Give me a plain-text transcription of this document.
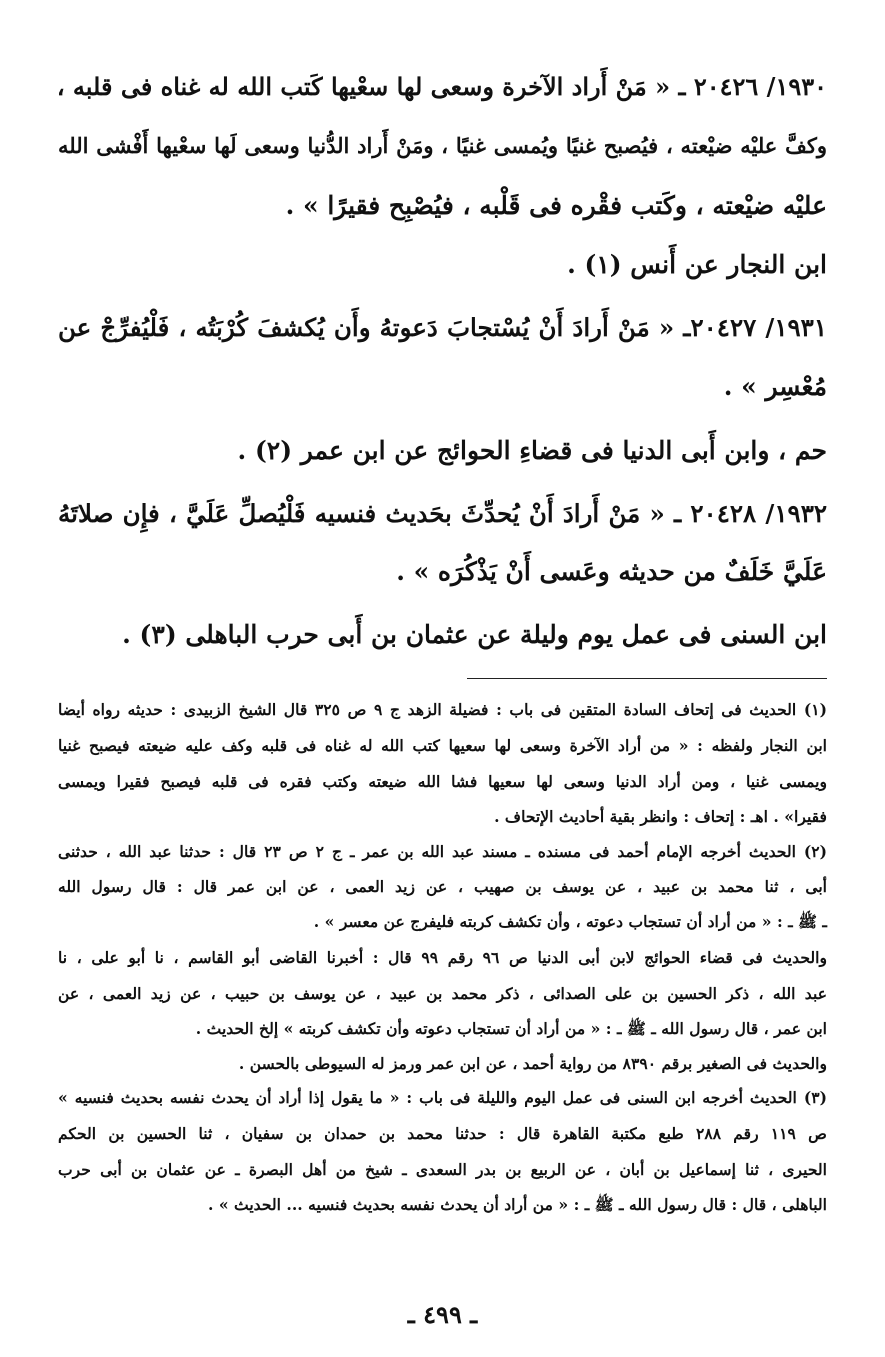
١٩٣٠/ ٢٠٤٢٦ ـ « مَنْ أَراد الآخرة وسعى لها سعْيها كَتب الله له غناه فى قلبه ،
وكفَّ عليْه ضيْعته ، فيُصبح غنيًا ويُمسى غنيًا ، ومَنْ أَراد الدُّنيا وسعى لَها سعْيها أَفْشى الله
عليْه ضيْعته ، وكَتب فقْره فى قَلْبه ، فيُصْبِح فقيرًا » .
ابن النجار عن أَنس (١) .
١٩٣١/ ٢٠٤٢٧ـ « مَنْ أَرادَ أَنْ يُسْتجابَ دَعوتهُ وأَن يُكشفَ كُرْبَتُه ، فَلْيُفرِّجْ عن
مُعْسِر » .
حم ، وابن أَبى الدنيا فى قضاءِ الحوائج عن ابن عمر (٢) .
١٩٣٢/ ٢٠٤٢٨ ـ « مَنْ أَرادَ أَنْ يُحدِّثَ بحَديث فنسيه فَلْيُصلِّ عَلَيَّ ، فإِن صلاتَهُ
عَلَيَّ خَلَفٌ من حديثه وعَسى أَنْ يَذْكُرَه » .
ابن السنى فى عمل يوم وليلة عن عثمان بن أَبى حرب الباهلى (٣) .
(١) الحديث فى إتحاف السادة المتقين فى باب : فضيلة الزهد ج ٩ ص ٣٢٥ قال الشيخ الزبيدى : حديثه رواه أيضا
ابن النجار ولفظه : « من أراد الآخرة وسعى لها سعيها كتب الله له غناه فى قلبه وكف عليه ضيعته فيصبح غنيا
ويمسى غنيا ، ومن أراد الدنيا وسعى لها سعيها فشا الله ضيعته وكتب فقره فى قلبه فيصبح فقيرا ويمسى
فقيرا» . اهـ : إتحاف : وانظر بقية أحاديث الإتحاف .
(٢) الحديث أخرجه الإمام أحمد فى مسنده ـ مسند عبد الله بن عمر ـ ج ٢ ص ٢٣ قال : حدثنا عبد الله ، حدثنى
أبى ، ثنا محمد بن عبيد ، عن يوسف بن صهيب ، عن زيد العمى ، عن ابن عمر قال : قال رسول الله
ـ ﷺ ـ : « من أراد أن تستجاب دعوته ، وأن تكشف كربته فليفرج عن معسر » .
والحديث فى قضاء الحوائج لابن أبى الدنيا ص ٩٦ رقم ٩٩ قال : أخبرنا القاضى أبو القاسم ، نا أبو على ، نا
عبد الله ، ذكر الحسين بن على الصدائى ، ذكر محمد بن عبيد ، عن يوسف بن حبيب ، عن زيد العمى ، عن
ابن عمر ، قال رسول الله ـ ﷺ ـ : « من أراد أن تستجاب دعوته وأن تكشف كربته » إلخ الحديث .
والحديث فى الصغير برقم ٨٣٩٠ من رواية أحمد ، عن ابن عمر ورمز له السيوطى بالحسن .
(٣) الحديث أخرجه ابن السنى فى عمل اليوم والليلة فى باب : « ما يقول إذا أراد أن يحدث نفسه بحديث فنسيه »
ص ١١٩ رقم ٢٨٨ طبع مكتبة القاهرة قال : حدثنا محمد بن حمدان بن سفيان ، ثنا الحسين بن الحكم
الحيرى ، ثنا إسماعيل بن أبان ، عن الربيع بن بدر السعدى ـ شيخ من أهل البصرة ـ عن عثمان بن أبى حرب
الباهلى ، قال : قال رسول الله ـ ﷺ ـ : « من أراد أن يحدث نفسه بحديث فنسيه ... الحديث » .
ـ ٤٩٩ ـ
